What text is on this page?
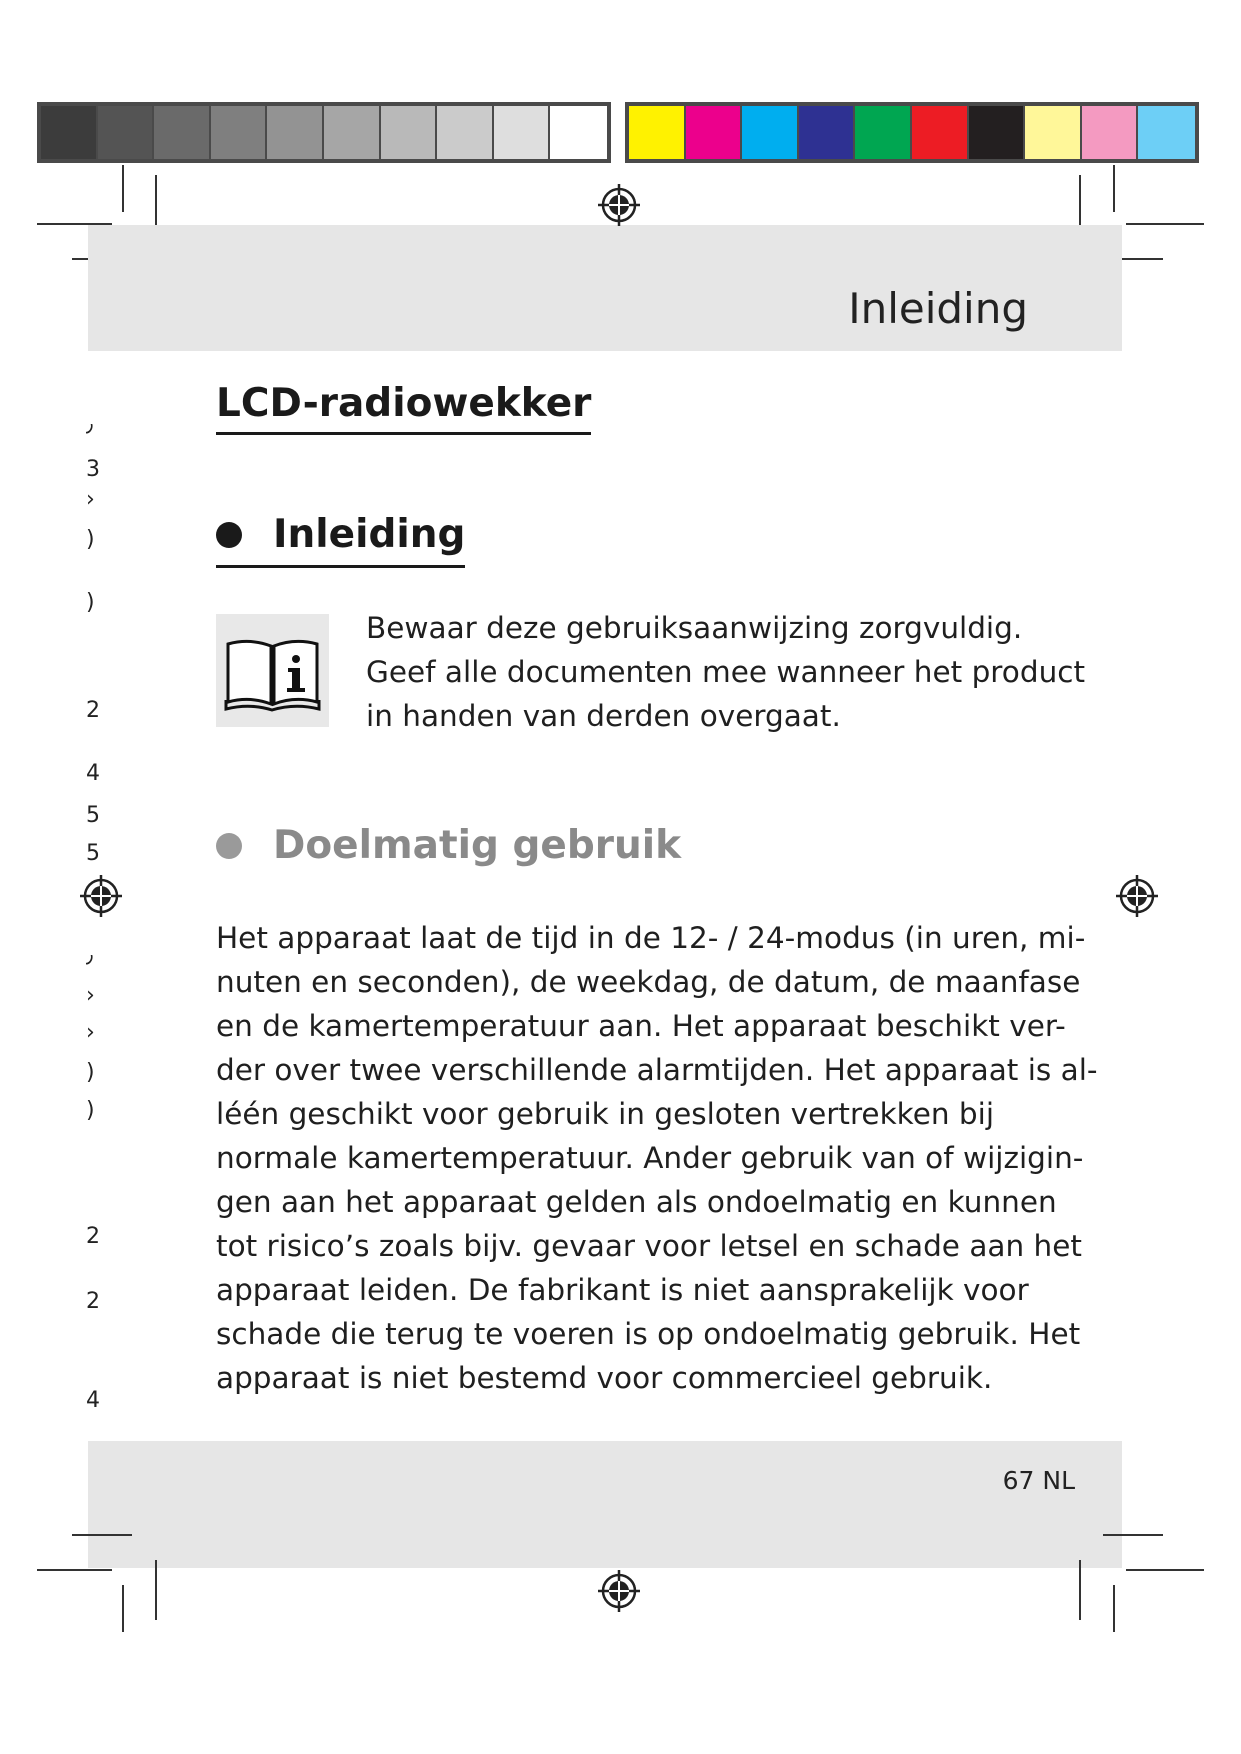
Inleiding
LCD-radiowekker
Inleiding
Bewaar deze gebruiksaanwijzing zorgvuldig.
Geef alle documenten mee wanneer het product
in handen van derden overgaat.
Doelmatig gebruik
Het apparaat laat de tijd in de 12- / 24-modus (in uren, mi-
nuten en seconden), de weekdag, de datum, de maanfase
en de kamertemperatuur aan. Het apparaat beschikt ver-
der over twee verschillende alarmtijden. Het apparaat is al-
léén geschikt voor gebruik in gesloten vertrekken bij
normale kamertemperatuur. Ander gebruik van of wijzigin-
gen aan het apparaat gelden als ondoelmatig en kunnen
tot risico’s zoals bijv. gevaar voor letsel en schade aan het
apparaat leiden. De fabrikant is niet aansprakelijk voor
schade die terug te voeren is op ondoelmatig gebruik. Het
apparaat is niet bestemd voor commercieel gebruik.
67 NL
٫
3
›
)
)
2
4
5
5
٫
›
›
)
)
2
2
4
